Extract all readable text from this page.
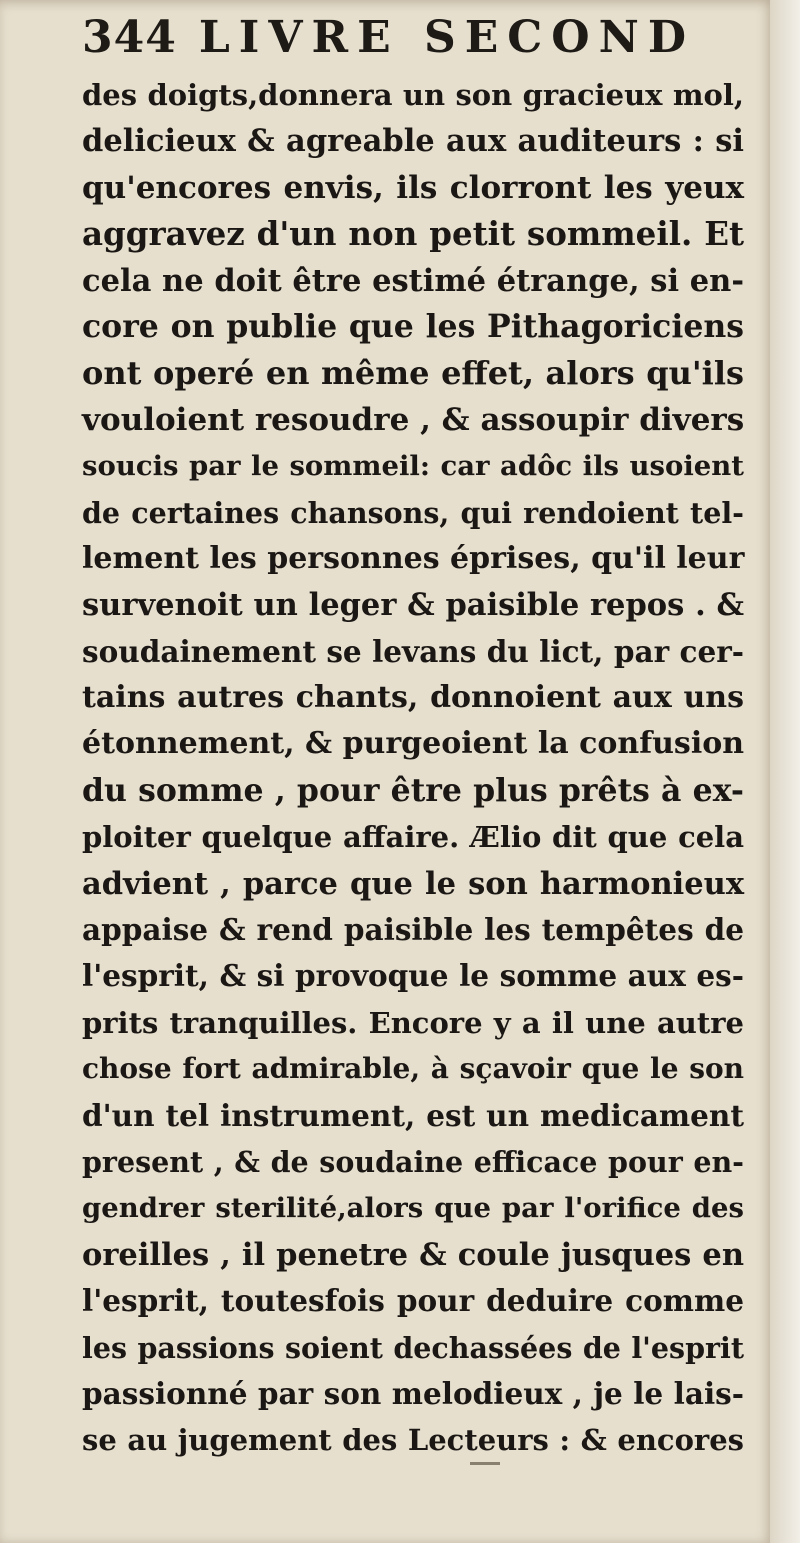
344 LIVRE SECOND
des doigts,donnera un son gracieux mol,
delicieux & agreable aux auditeurs : si
qu'encores envis, ils clorront les yeux
aggravez d'un non petit sommeil. Et
cela ne doit être estimé étrange, si en-
core on publie que les Pithagoriciens
ont operé en même effet, alors qu'ils
vouloient resoudre , & assoupir divers
soucis par le sommeil: car adôc ils usoient
de certaines chansons, qui rendoient tel-
lement les personnes éprises, qu'il leur
survenoit un leger & paisible repos . &
soudainement se levans du lict, par cer-
tains autres chants, donnoient aux uns
étonnement, & purgeoient la confusion
du somme , pour être plus prêts à ex-
ploiter quelque affaire. Ælio dit que cela
advient , parce que le son harmonieux
appaise & rend paisible les tempêtes de
l'esprit, & si provoque le somme aux es-
prits tranquilles. Encore y a il une autre
chose fort admirable, à sçavoir que le son
d'un tel instrument, est un medicament
present , & de soudaine efficace pour en-
gendrer sterilité,alors que par l'orifice des
oreilles , il penetre & coule jusques en
l'esprit, toutesfois pour deduire comme
les passions soient dechassées de l'esprit
passionné par son melodieux , je le lais-
se au jugement des Lecteurs : & encores
